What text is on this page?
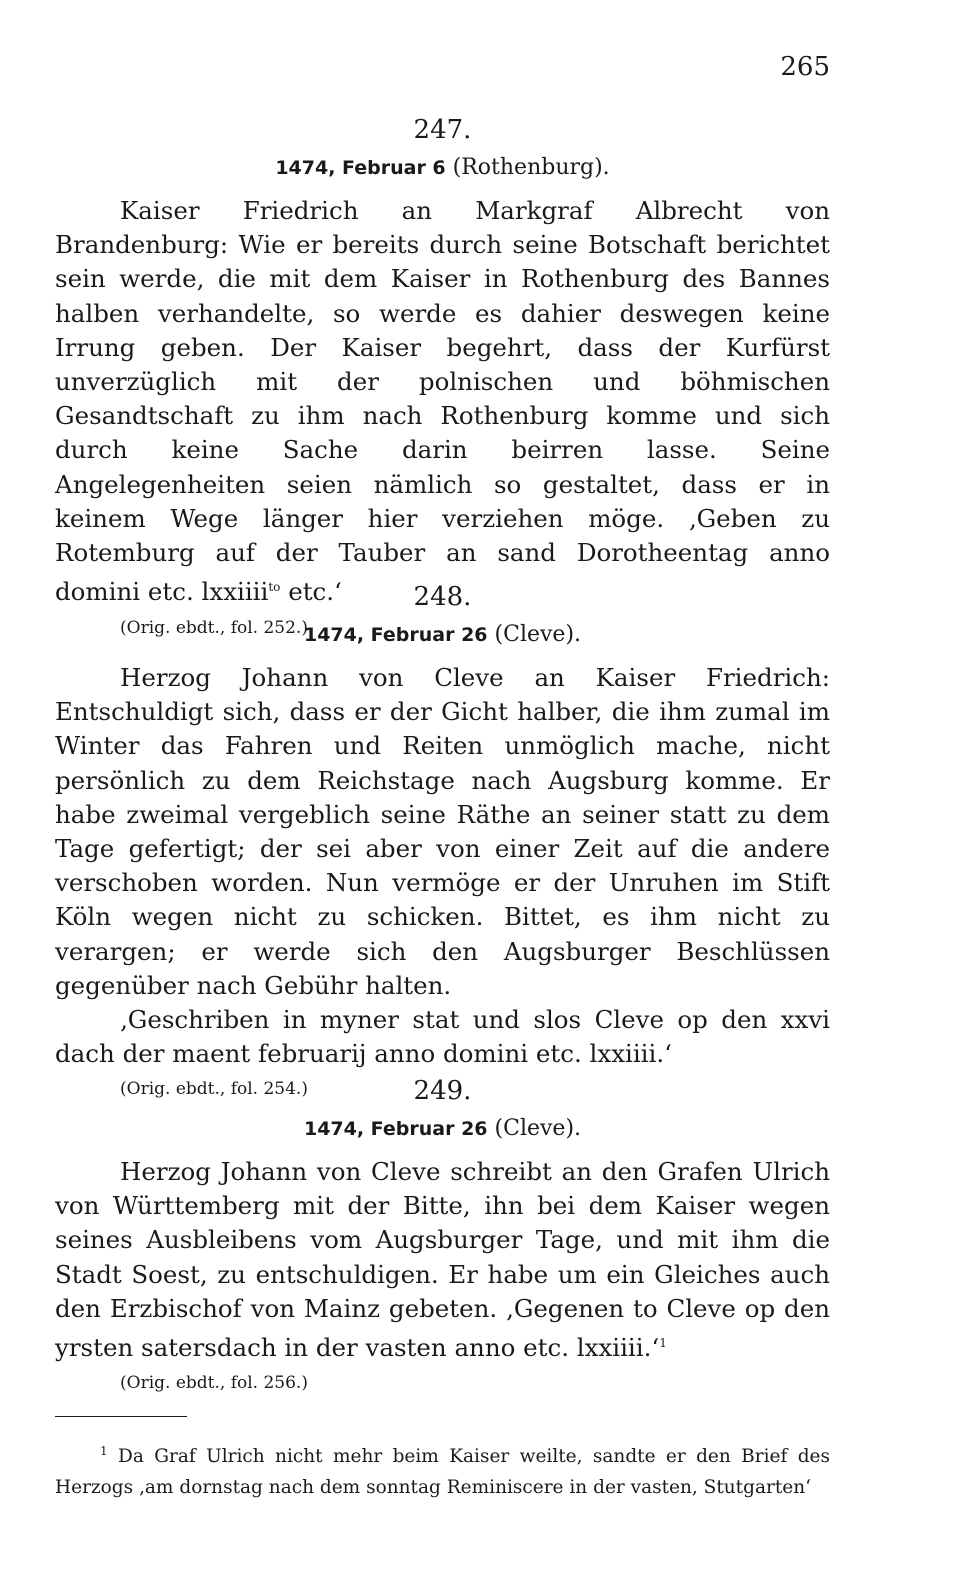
265
247.
1474, Februar 6 (Rothenburg).

Kaiser Friedrich an Markgraf Albrecht von Brandenburg: Wie er bereits durch seine Botschaft berichtet sein werde, die mit dem Kaiser in Rothenburg des Bannes halben verhandelte, so werde es dahier deswegen keine Irrung geben. Der Kaiser begehrt, dass der Kurfürst unverzüglich mit der polnischen und böhmischen Gesandtschaft zu ihm nach Rothenburg komme und sich durch keine Sache darin beirren lasse. Seine Angelegenheiten seien nämlich so gestaltet, dass er in keinem Wege länger hier verziehen möge. ‚Geben zu Rotemburg auf der Tauber an sand Dorotheentag anno domini etc. lxxiiii$^{to}$ etc.‘

(Orig. ebdt., fol. 252.)
248.
1474, Februar 26 (Cleve).

Herzog Johann von Cleve an Kaiser Friedrich: Entschuldigt sich, dass er der Gicht halber, die ihm zumal im Winter das Fahren und Reiten unmöglich mache, nicht persönlich zu dem Reichstage nach Augsburg komme. Er habe zweimal vergeblich seine Räthe an seiner statt zu dem Tage gefertigt; der sei aber von einer Zeit auf die andere verschoben worden. Nun vermöge er der Unruhen im Stift Köln wegen nicht zu schicken. Bittet, es ihm nicht zu verargen; er werde sich den Augsburger Beschlüssen gegenüber nach Gebühr halten.

‚Geschriben in myner stat und slos Cleve op den xxvi dach der maent februarij anno domini etc. lxxiiii.‘

(Orig. ebdt., fol. 254.)	249.
1474, Februar 26 (Cleve).

Herzog Johann von Cleve schreibt an den Grafen Ulrich von Württemberg mit der Bitte, ihn bei dem Kaiser wegen seines Ausbleibens vom Augsburger Tage, und mit ihm die Stadt Soest, zu entschuldigen. Er habe um ein Gleiches auch den Erzbischof von Mainz gebeten. ‚Gegenen to Cleve op den yrsten satersdach in der vasten anno etc. lxxiiii.‘$^1$

(Orig. ebdt., fol. 256.)

$^1$ Da Graf Ulrich nicht mehr beim Kaiser weilte, sandte er den Brief des Herzogs ‚am dornstag nach dem sonntag Reminiscere in der vasten, Stutgarten‘
